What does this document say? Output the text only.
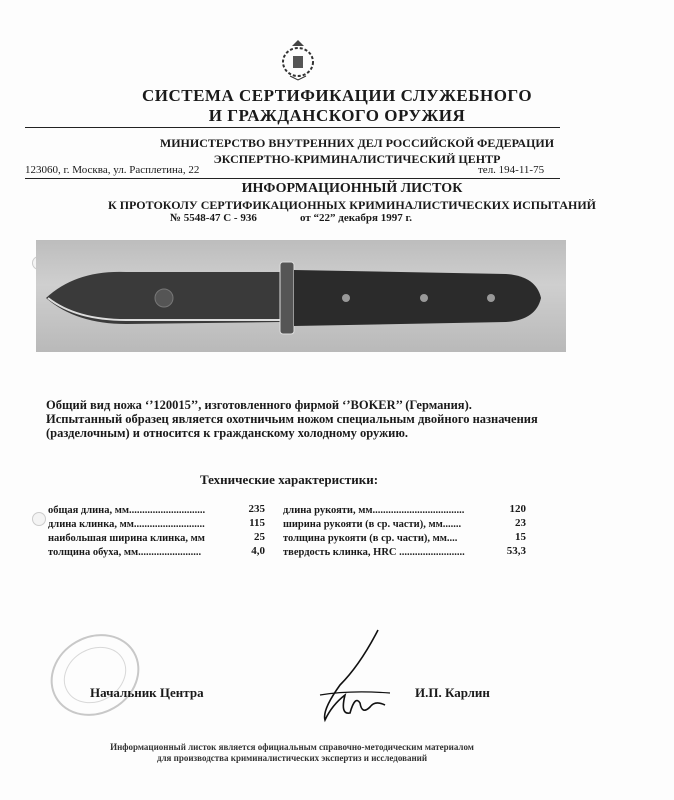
СИСТЕМА СЕРТИФИКАЦИИ СЛУЖЕБНОГО
И ГРАЖДАНСКОГО ОРУЖИЯ
МИНИСТЕРСТВО ВНУТРЕННИХ ДЕЛ РОССИЙСКОЙ ФЕДЕРАЦИИ
ЭКСПЕРТНО-КРИМИНАЛИСТИЧЕСКИЙ ЦЕНТР
123060, г. Москва, ул. Расплетина, 22	тел. 194-11-75
ИНФОРМАЦИОННЫЙ ЛИСТОК
К ПРОТОКОЛУ СЕРТИФИКАЦИОННЫХ КРИМИНАЛИСТИЧЕСКИХ ИСПЫТАНИЙ
№ 5548-47 С - 936	от “22” декабря 1997 г.
Общий вид ножа ‘’120015’’, изготовленного фирмой ‘’BOKER’’ (Германия).
Испытанный образец является охотничьим ножом специальным двойного назначения
(разделочным) и относится к гражданскому холодному оружию.
Технические характеристики:
общая длина, мм.............................	235
длина клинка, мм...........................	115
наибольшая ширина клинка, мм	25
толщина обуха, мм........................	4,0
длина рукояти, мм...................................	120
ширина рукояти (в ср. части), мм.......	23
толщина рукояти (в ср. части), мм....	15
твердость клинка, HRC .........................	53,3
Начальник Центра	И.П. Карлин
Информационный листок является официальным справочно-методическим материалом
для производства криминалистических экспертиз и исследований
